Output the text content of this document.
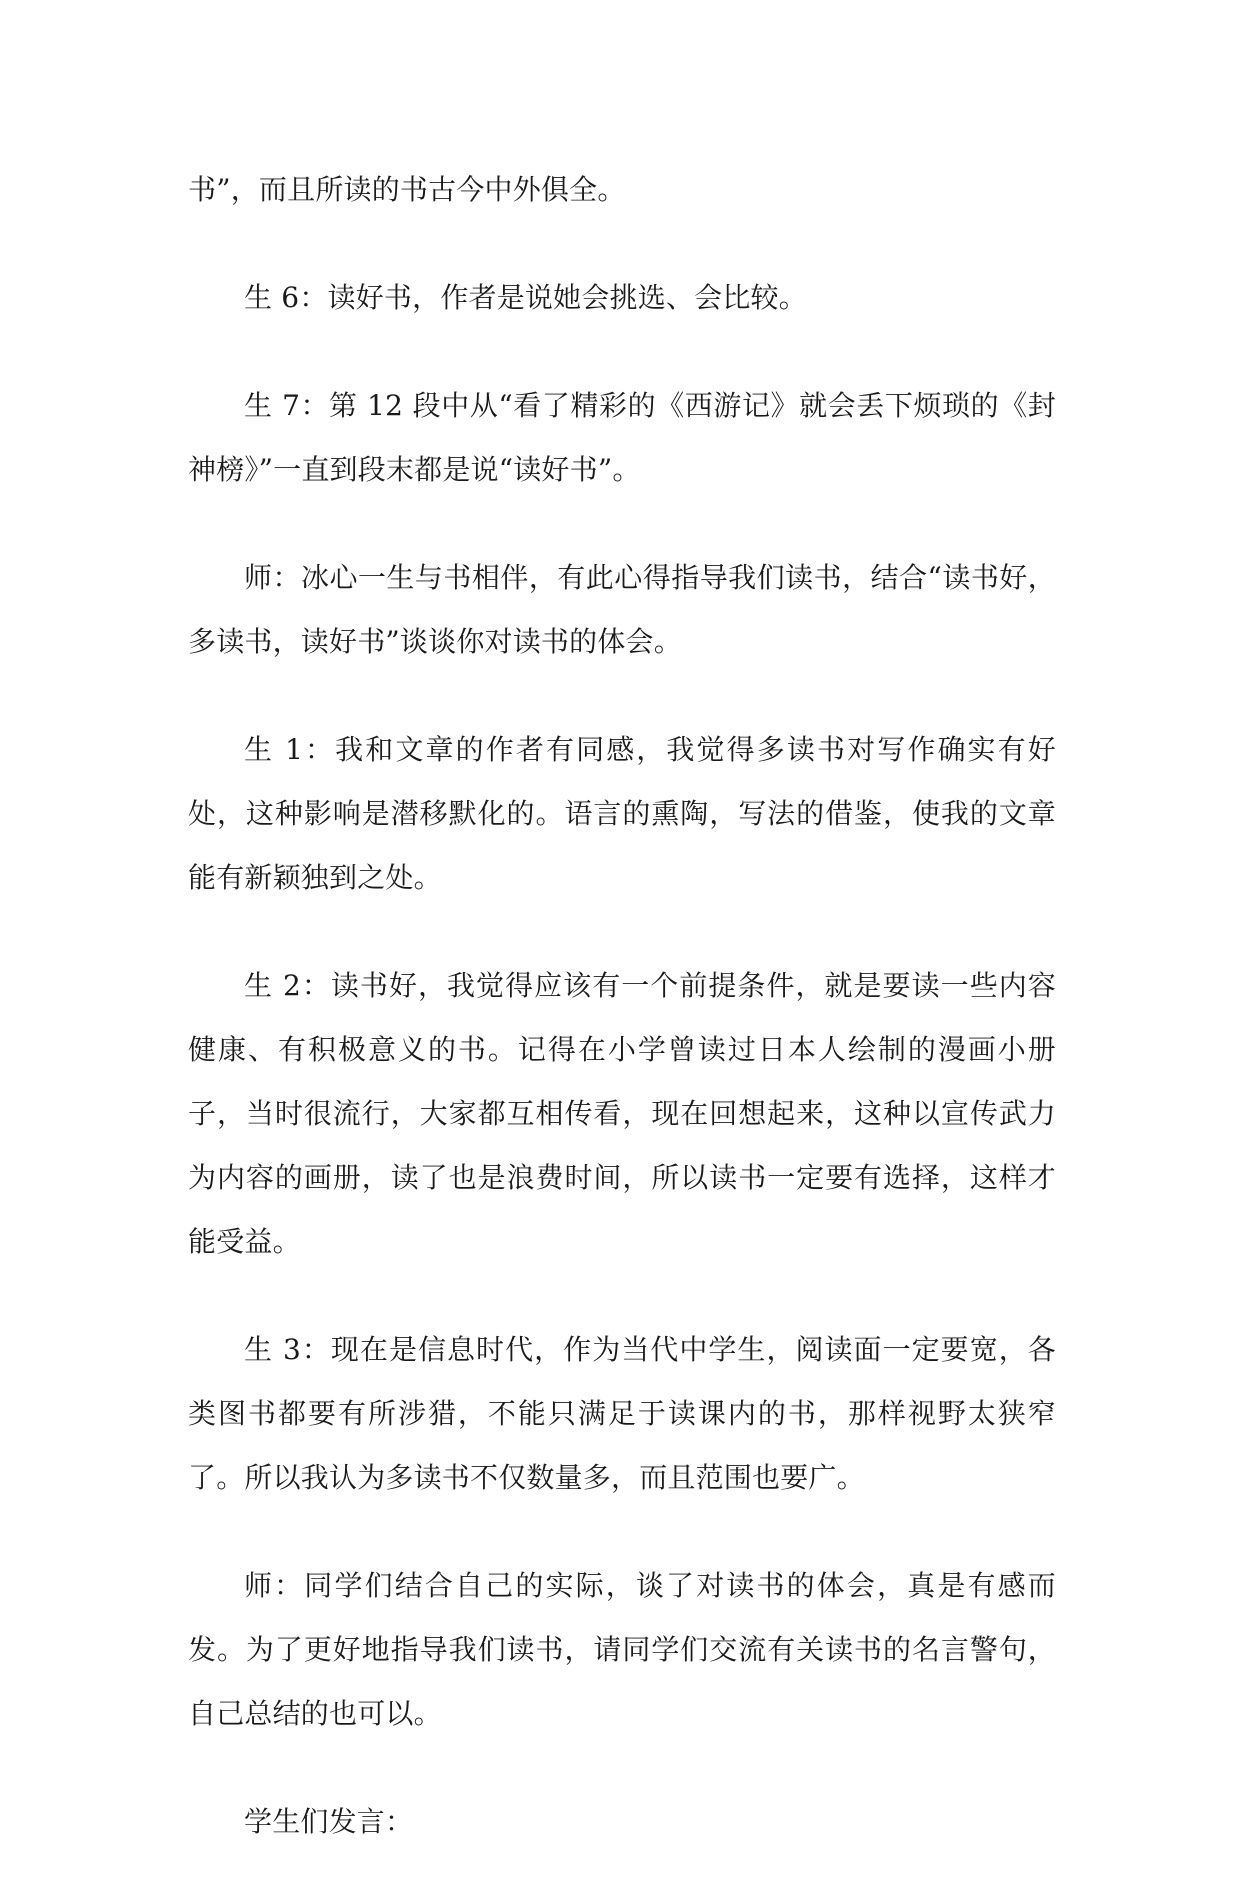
书”，而且所读的书古今中外俱全。

生 6：读好书，作者是说她会挑选、会比较。

生 7：第 12 段中从“看了精彩的《西游记》就会丢下烦琐的《封神榜》”一直到段末都是说“读好书”。

师：冰心一生与书相伴，有此心得指导我们读书，结合“读书好，多读书，读好书”谈谈你对读书的体会。

生 1：我和文章的作者有同感，我觉得多读书对写作确实有好处，这种影响是潜移默化的。语言的熏陶，写法的借鉴，使我的文章能有新颖独到之处。

生 2：读书好，我觉得应该有一个前提条件，就是要读一些内容健康、有积极意义的书。记得在小学曾读过日本人绘制的漫画小册子，当时很流行，大家都互相传看，现在回想起来，这种以宣传武力为内容的画册，读了也是浪费时间，所以读书一定要有选择，这样才能受益。

生 3：现在是信息时代，作为当代中学生，阅读面一定要宽，各类图书都要有所涉猎，不能只满足于读课内的书，那样视野太狭窄了。所以我认为多读书不仅数量多，而且范围也要广。

师：同学们结合自己的实际，谈了对读书的体会，真是有感而发。为了更好地指导我们读书，请同学们交流有关读书的名言警句，自己总结的也可以。

学生们发言：
